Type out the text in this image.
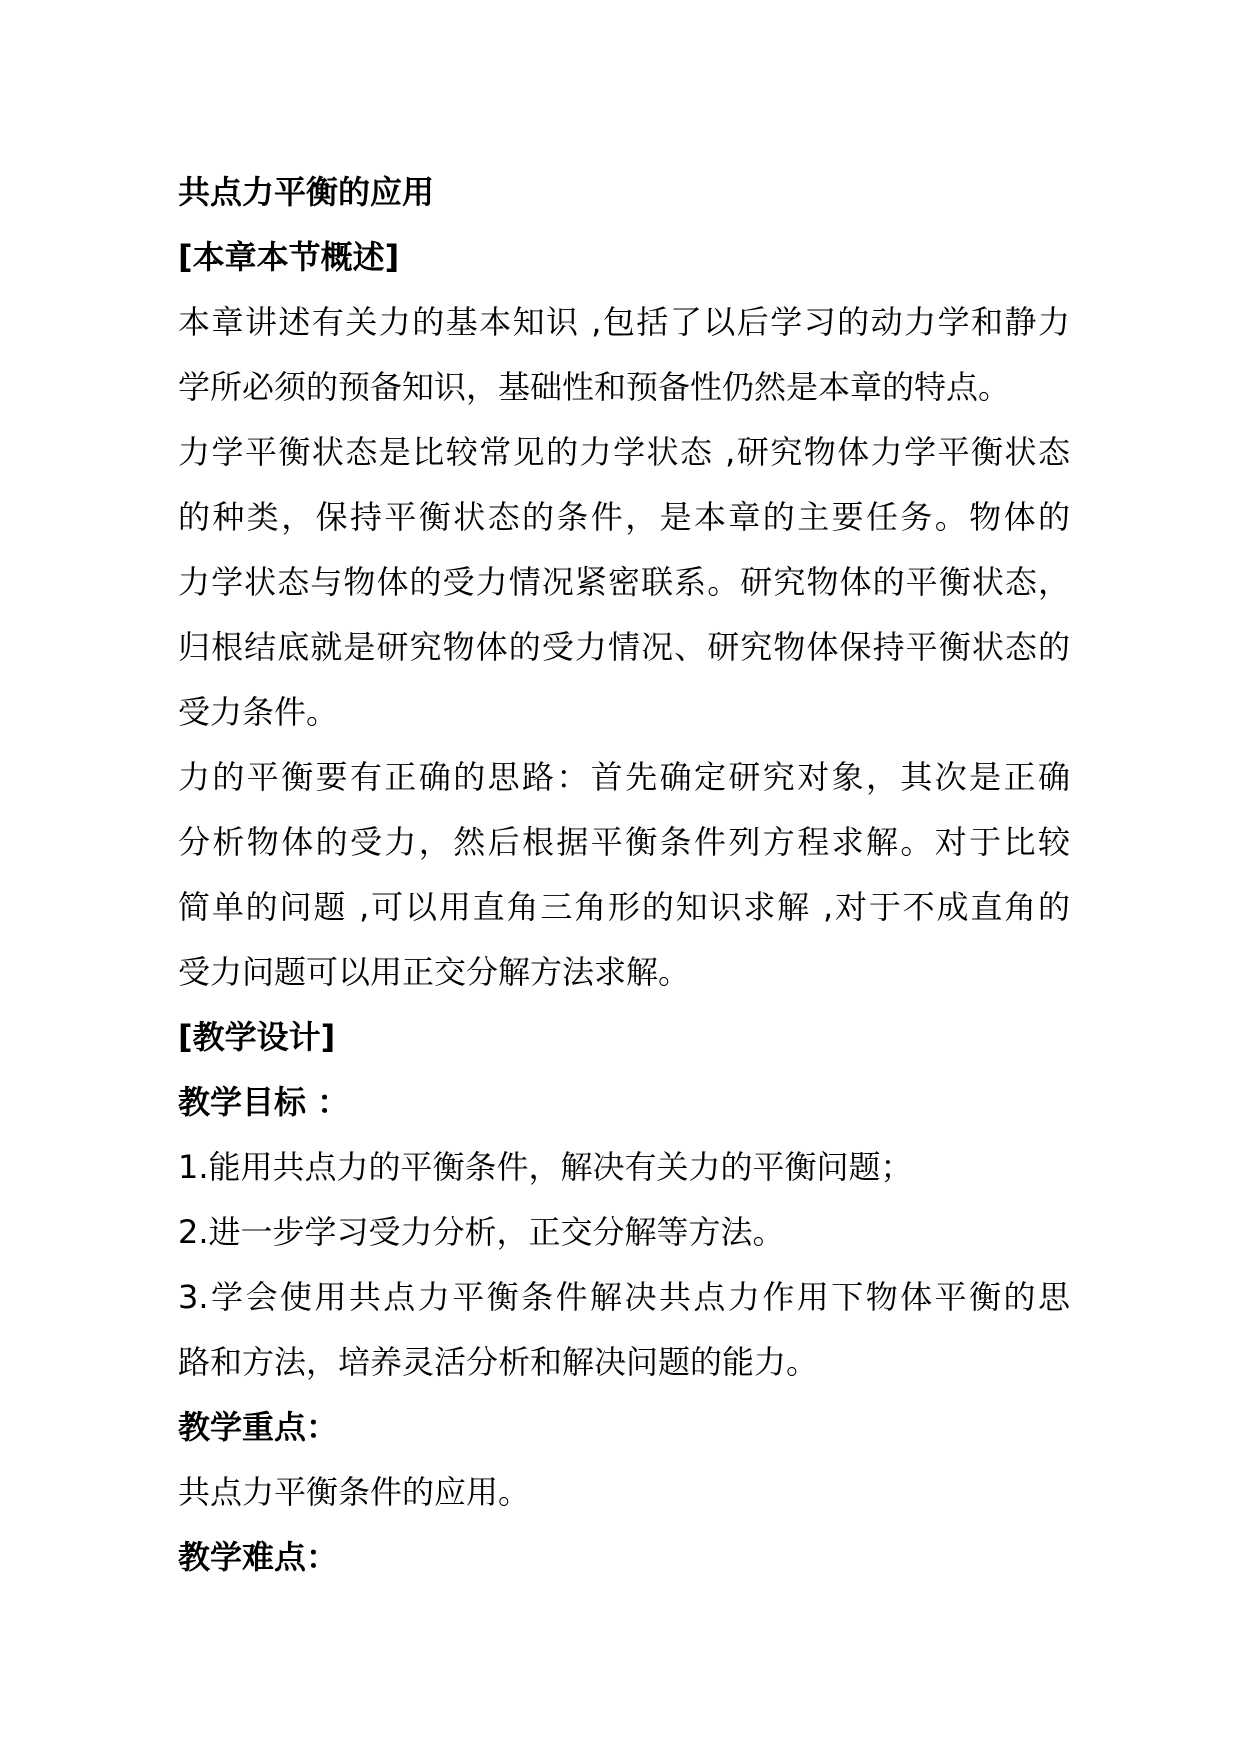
共点力平衡的应用
[本章本节概述]
本章讲述有关力的基本知识 ,包括了以后学习的动力学和静力
学所必须的预备知识，基础性和预备性仍然是本章的特点。
力学平衡状态是比较常见的力学状态 ,研究物体力学平衡状态
的种类，保持平衡状态的条件，是本章的主要任务。物体的
力学状态与物体的受力情况紧密联系。研究物体的平衡状态，
归根结底就是研究物体的受力情况、研究物体保持平衡状态的
受力条件。
力的平衡要有正确的思路：首先确定研究对象，其次是正确
分析物体的受力，然后根据平衡条件列方程求解。对于比较
简单的问题 ,可以用直角三角形的知识求解 ,对于不成直角的
受力问题可以用正交分解方法求解。
[教学设计]
教学目标 ：
1.能用共点力的平衡条件，解决有关力的平衡问题；
2.进一步学习受力分析，正交分解等方法。
3.学会使用共点力平衡条件解决共点力作用下物体平衡的思
路和方法，培养灵活分析和解决问题的能力。
教学重点：
共点力平衡条件的应用。
教学难点：
